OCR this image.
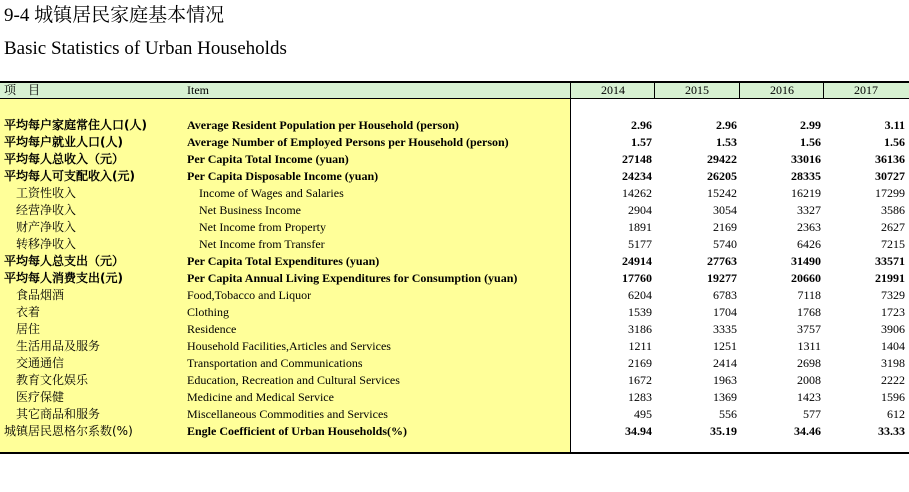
9-4 城镇居民家庭基本情况
Basic Statistics of Urban Households
项　目	Item	2014	2015	2016	2017
平均每户家庭常住人口(人)	Average Resident Population per Household (person)	2.96	2.96	2.99	3.11
平均每户就业人口(人)	Average Number of Employed Persons per Household (person)	1.57	1.53	1.56	1.56
平均每人总收入（元）	Per Capita Total Income (yuan)	27148	29422	33016	36136
平均每人可支配收入(元)	Per Capita Disposable Income (yuan)	24234	26205	28335	30727
工资性收入	Income of Wages and Salaries	14262	15242	16219	17299
经营净收入	Net Business Income	2904	3054	3327	3586
财产净收入	Net Income from Property	1891	2169	2363	2627
转移净收入	Net Income from Transfer	5177	5740	6426	7215
平均每人总支出（元）	Per Capita Total Expenditures (yuan)	24914	27763	31490	33571
平均每人消费支出(元)	Per Capita Annual Living Expenditures for Consumption (yuan)	17760	19277	20660	21991
食品烟酒	Food,Tobacco and Liquor	6204	6783	7118	7329
衣着	Clothing	1539	1704	1768	1723
居住	Residence	3186	3335	3757	3906
生活用品及服务	Household Facilities,Articles and Services	1211	1251	1311	1404
交通通信	Transportation and Communications	2169	2414	2698	3198
教育文化娱乐	Education, Recreation and Cultural Services	1672	1963	2008	2222
医疗保健	Medicine and Medical Service	1283	1369	1423	1596
其它商品和服务	Miscellaneous Commodities and Services	495	556	577	612
城镇居民恩格尔系数(%)	Engle Coefficient of Urban Households(%)	34.94	35.19	34.46	33.33
